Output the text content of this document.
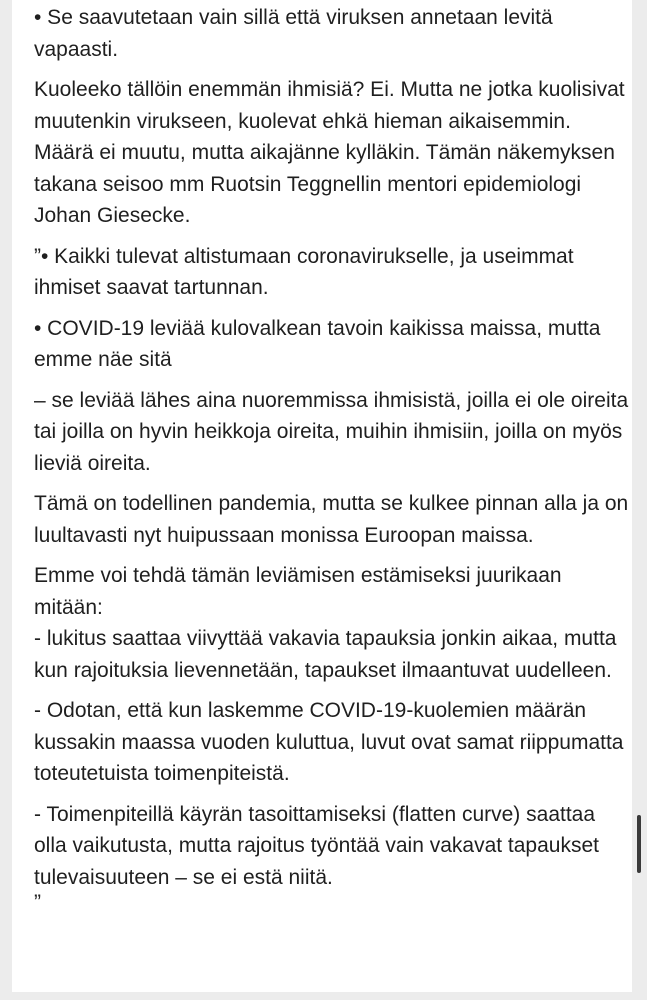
• Se saavutetaan vain sillä että viruksen annetaan levitä vapaasti.

Kuoleeko tällöin enemmän ihmisiä? Ei. Mutta ne jotka kuolisivat muutenkin virukseen, kuolevat ehkä hieman aikaisemmin. Määrä ei muutu, mutta aikajänne kylläkin. Tämän näkemyksen takana seisoo mm Ruotsin Teggnellin mentori epidemiologi Johan Giesecke.

”• Kaikki tulevat altistumaan coronavirukselle, ja useimmat ihmiset saavat tartunnan.

• COVID-19 leviää kulovalkean tavoin kaikissa maissa, mutta emme näe sitä

– se leviää lähes aina nuoremmissa ihmisistä, joilla ei ole oireita tai joilla on hyvin heikkoja oireita, muihin ihmisiin, joilla on myös lieviä oireita.

Tämä on todellinen pandemia, mutta se kulkee pinnan alla ja on luultavasti nyt huipussaan monissa Euroopan maissa.

Emme voi tehdä tämän leviämisen estämiseksi juurikaan mitään:

- lukitus saattaa viivyttää vakavia tapauksia jonkin aikaa, mutta kun rajoituksia lievennetään, tapaukset ilmaantuvat uudelleen.

- Odotan, että kun laskemme COVID-19-kuolemien määrän kussakin maassa vuoden kuluttua, luvut ovat samat riippumatta toteutetuista toimenpiteistä.

- Toimenpiteillä käyrän tasoittamiseksi (flatten curve) saattaa olla vaikutusta, mutta rajoitus työntää vain vakavat tapaukset tulevaisuuteen – se ei estä niitä.

”
